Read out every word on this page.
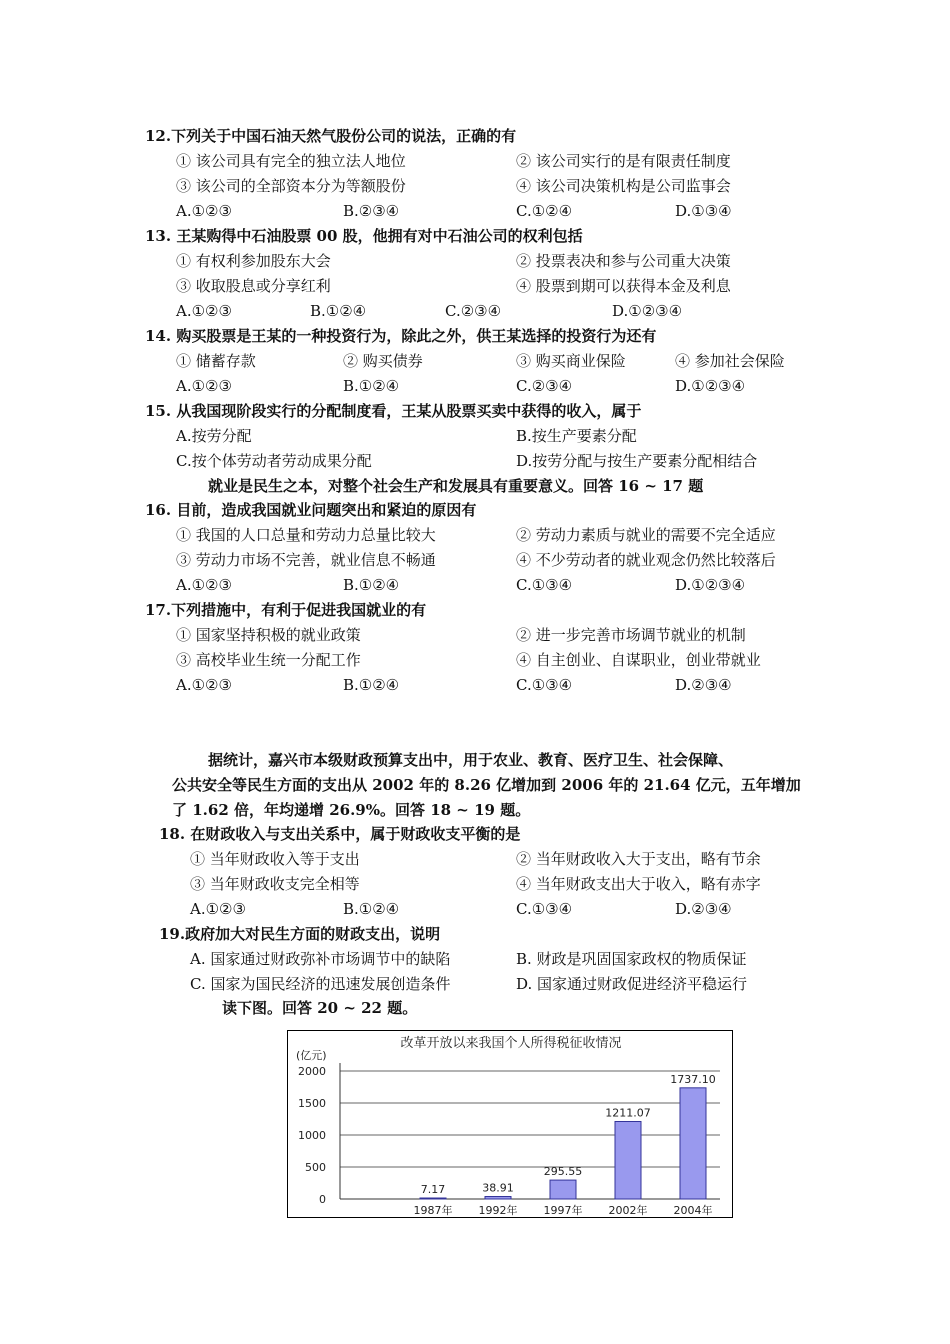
12.下列关于中国石油天然气股份公司的说法，正确的有
① 该公司具有完全的独立法人地位	② 该公司实行的是有限责任制度
③ 该公司的全部资本分为等额股份	④ 该公司决策机构是公司监事会
A.①②③	B.②③④	C.①②④	D.①③④
13. 王某购得中石油股票 00 股，他拥有对中石油公司的权利包括
① 有权利参加股东大会	② 投票表决和参与公司重大决策
③ 收取股息或分享红利	④ 股票到期可以获得本金及利息
A.①②③	B.①②④	C.②③④	D.①②③④
14. 购买股票是王某的一种投资行为，除此之外，供王某选择的投资行为还有
① 储蓄存款	② 购买债券	③ 购买商业保险	④ 参加社会保险
A.①②③	B.①②④	C.②③④	D.①②③④
15. 从我国现阶段实行的分配制度看，王某从股票买卖中获得的收入，属于
A.按劳分配	B.按生产要素分配
C.按个体劳动者劳动成果分配	D.按劳分配与按生产要素分配相结合
就业是民生之本，对整个社会生产和发展具有重要意义。回答 16 ~ 17 题
16. 目前，造成我国就业问题突出和紧迫的原因有
① 我国的人口总量和劳动力总量比较大	② 劳动力素质与就业的需要不完全适应
③ 劳动力市场不完善，就业信息不畅通	④ 不少劳动者的就业观念仍然比较落后
A.①②③	B.①②④	C.①③④	D.①②③④
17.下列措施中，有利于促进我国就业的有
① 国家坚持积极的就业政策	② 进一步完善市场调节就业的机制
③ 高校毕业生统一分配工作	④ 自主创业、自谋职业，创业带就业
A.①②③	B.①②④	C.①③④	D.②③④
据统计，嘉兴市本级财政预算支出中，用于农业、教育、医疗卫生、社会保障、
公共安全等民生方面的支出从 2002 年的 8.26 亿增加到 2006 年的 21.64 亿元，五年增加
了 1.62 倍，年均递增 26.9%。回答 18 ~ 19 题。
18. 在财政收入与支出关系中，属于财政收支平衡的是
① 当年财政收入等于支出	② 当年财政收入大于支出，略有节余
③ 当年财政收支完全相等	④ 当年财政支出大于收入，略有赤字
A.①②③	B.①②④	C.①③④	D.②③④
19.政府加大对民生方面的财政支出，说明
A. 国家通过财政弥补市场调节中的缺陷	B. 财政是巩固国家政权的物质保证
C. 国家为国民经济的迅速发展创造条件	D. 国家通过财政促进经济平稳运行
读下图。回答 20 ~ 22 题。
改革开放以来我国个人所得税征收情况
(亿元)
0
500
1000
1500
2000
7.17
1987年
38.91
1992年
295.55
1997年
1211.07
2002年
1737.10
2004年
